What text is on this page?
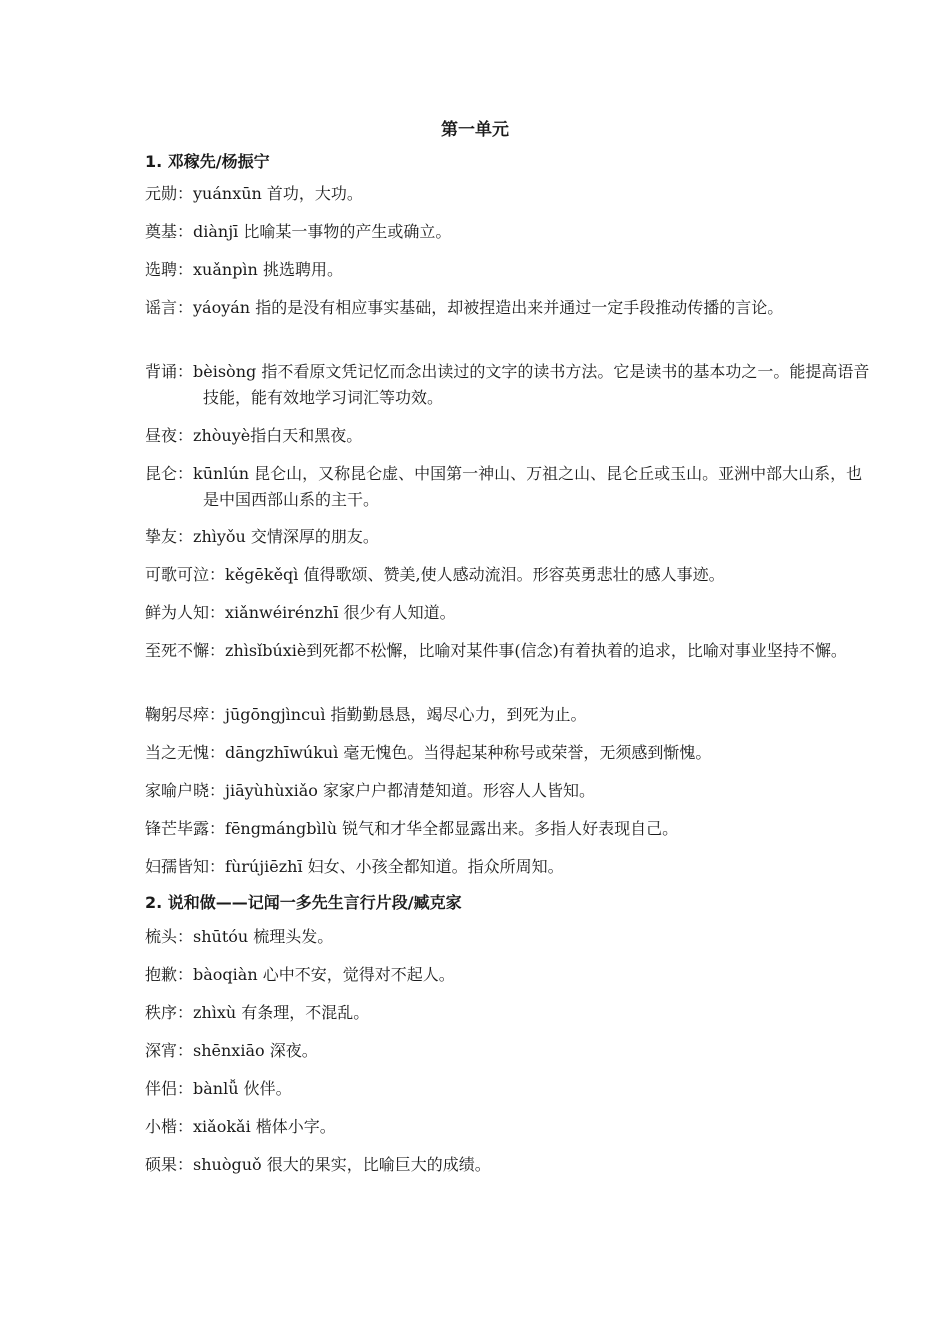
第一单元
1. 邓稼先/杨振宁
元勋：yuánxūn 首功，大功。
奠基：diànjī 比喻某一事物的产生或确立。
选聘：xuǎnpìn 挑选聘用。
谣言：yáoyán 指的是没有相应事实基础，却被捏造出来并通过一定手段推动传播的言论。
背诵：bèisòng 指不看原文凭记忆而念出读过的文字的读书方法。它是读书的基本功之一。能提高语音技能，能有效地学习词汇等功效。
昼夜：zhòuyè指白天和黑夜。
昆仑：kūnlún 昆仑山，又称昆仑虚、中国第一神山、万祖之山、昆仑丘或玉山。亚洲中部大山系，也是中国西部山系的主干。
挚友：zhìyǒu 交情深厚的朋友。
可歌可泣：kěgēkěqì 值得歌颂、赞美,使人感动流泪。形容英勇悲壮的感人事迹。
鲜为人知：xiǎnwéirénzhī 很少有人知道。
至死不懈：zhìsǐbúxiè到死都不松懈，比喻对某件事(信念)有着执着的追求，比喻对事业坚持不懈。
鞠躬尽瘁：jūgōngjìncuì 指勤勤恳恳，竭尽心力，到死为止。
当之无愧：dāngzhīwúkuì 毫无愧色。当得起某种称号或荣誉，无须感到惭愧。
家喻户晓：jiāyùhùxiǎo 家家户户都清楚知道。形容人人皆知。
锋芒毕露：fēngmángbìlù 锐气和才华全都显露出来。多指人好表现自己。
妇孺皆知：fùrújiēzhī 妇女、小孩全都知道。指众所周知。
2. 说和做——记闻一多先生言行片段/臧克家
梳头：shūtóu 梳理头发。
抱歉：bàoqiàn 心中不安，觉得对不起人。
秩序：zhìxù 有条理，不混乱。
深宵：shēnxiāo 深夜。
伴侣：bànlǚ 伙伴。
小楷：xiǎokǎi 楷体小字。
硕果：shuòguǒ 很大的果实，比喻巨大的成绩。
